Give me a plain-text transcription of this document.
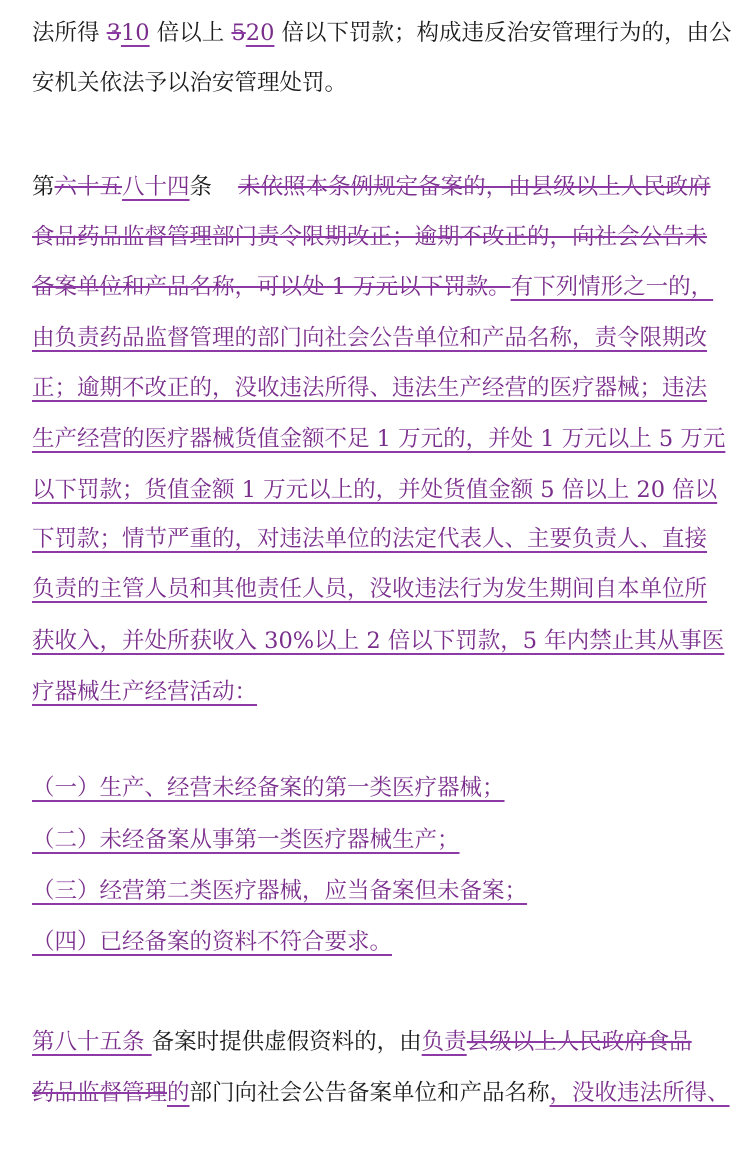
法所得 310 倍以上 520 倍以下罚款；构成违反治安管理行为的，由公
安机关依法予以治安管理处罚。
第六十五八十四条 未依照本条例规定备案的，由县级以上人民政府
食品药品监督管理部门责令限期改正；逾期不改正的，向社会公告未
备案单位和产品名称，可以处 1 万元以下罚款。有下列情形之一的，
由负责药品监督管理的部门向社会公告单位和产品名称，责令限期改
正；逾期不改正的，没收违法所得、违法生产经营的医疗器械；违法
生产经营的医疗器械货值金额不足 1 万元的，并处 1 万元以上 5 万元
以下罚款；货值金额 1 万元以上的，并处货值金额 5 倍以上 20 倍以
下罚款；情节严重的，对违法单位的法定代表人、主要负责人、直接
负责的主管人员和其他责任人员，没收违法行为发生期间自本单位所
获收入，并处所获收入 30%以上 2 倍以下罚款，5 年内禁止其从事医
疗器械生产经营活动：
（一）生产、经营未经备案的第一类医疗器械；
（二）未经备案从事第一类医疗器械生产；
（三）经营第二类医疗器械，应当备案但未备案；
（四）已经备案的资料不符合要求。
第八十五条 备案时提供虚假资料的，由负责县级以上人民政府食品
药品监督管理的部门向社会公告备案单位和产品名称，没收违法所得、
